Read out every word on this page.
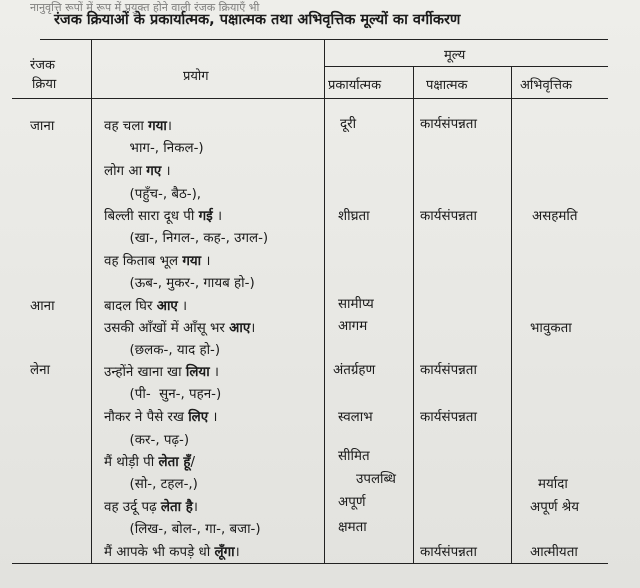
नानुवृत्ति रूपों में रूप में प्रयुक्त होने वाली रंजक क्रियाएँ भी
रंजक क्रियाओं के प्रकार्यात्मक, पक्षात्मक तथा अभिवृत्तिक मूल्यों का वर्गीकरण
रंजक
क्रिया
प्रयोग
मूल्य
प्रकार्यात्मक	पक्षात्मक	अभिवृत्तिक
जाना
आना
लेना
वह चला गया।
भाग-, निकल-)
लोग आ गए ।
(पहुँच-, बैठ-),
बिल्ली सारा दूध पी गई ।
(खा-, निगल-, कह-, उगल-)
वह किताब भूल गया ।
(ऊब-, मुकर-, गायब हो-)
बादल घिर आए ।
उसकी आँखों में आँसू भर आए।
(छलक-, याद हो-)
उन्होंने खाना खा लिया ।
(पी-  सुन-, पहन-)
नौकर ने पैसे रख लिए ।
(कर-, पढ़-)
मैं थोड़ी पी लेता हूँ/
(सो-, टहल-,)
वह उर्दू पढ़ लेता है।
(लिख-, बोल-, गा-, बजा-)
मैं आपके भी कपड़े धो लूँगा।
दूरी
शीघ्रता
सामीप्य
आगम
अंतर्ग्रहण
स्वलाभ
सीमित
उपलब्धि
अपूर्ण
क्षमता
कार्यसंपन्नता
कार्यसंपन्नता
कार्यसंपन्नता
कार्यसंपन्नता
कार्यसंपन्नता
असहमति
भावुकता
मर्यादा
अपूर्ण श्रेय
आत्मीयता
